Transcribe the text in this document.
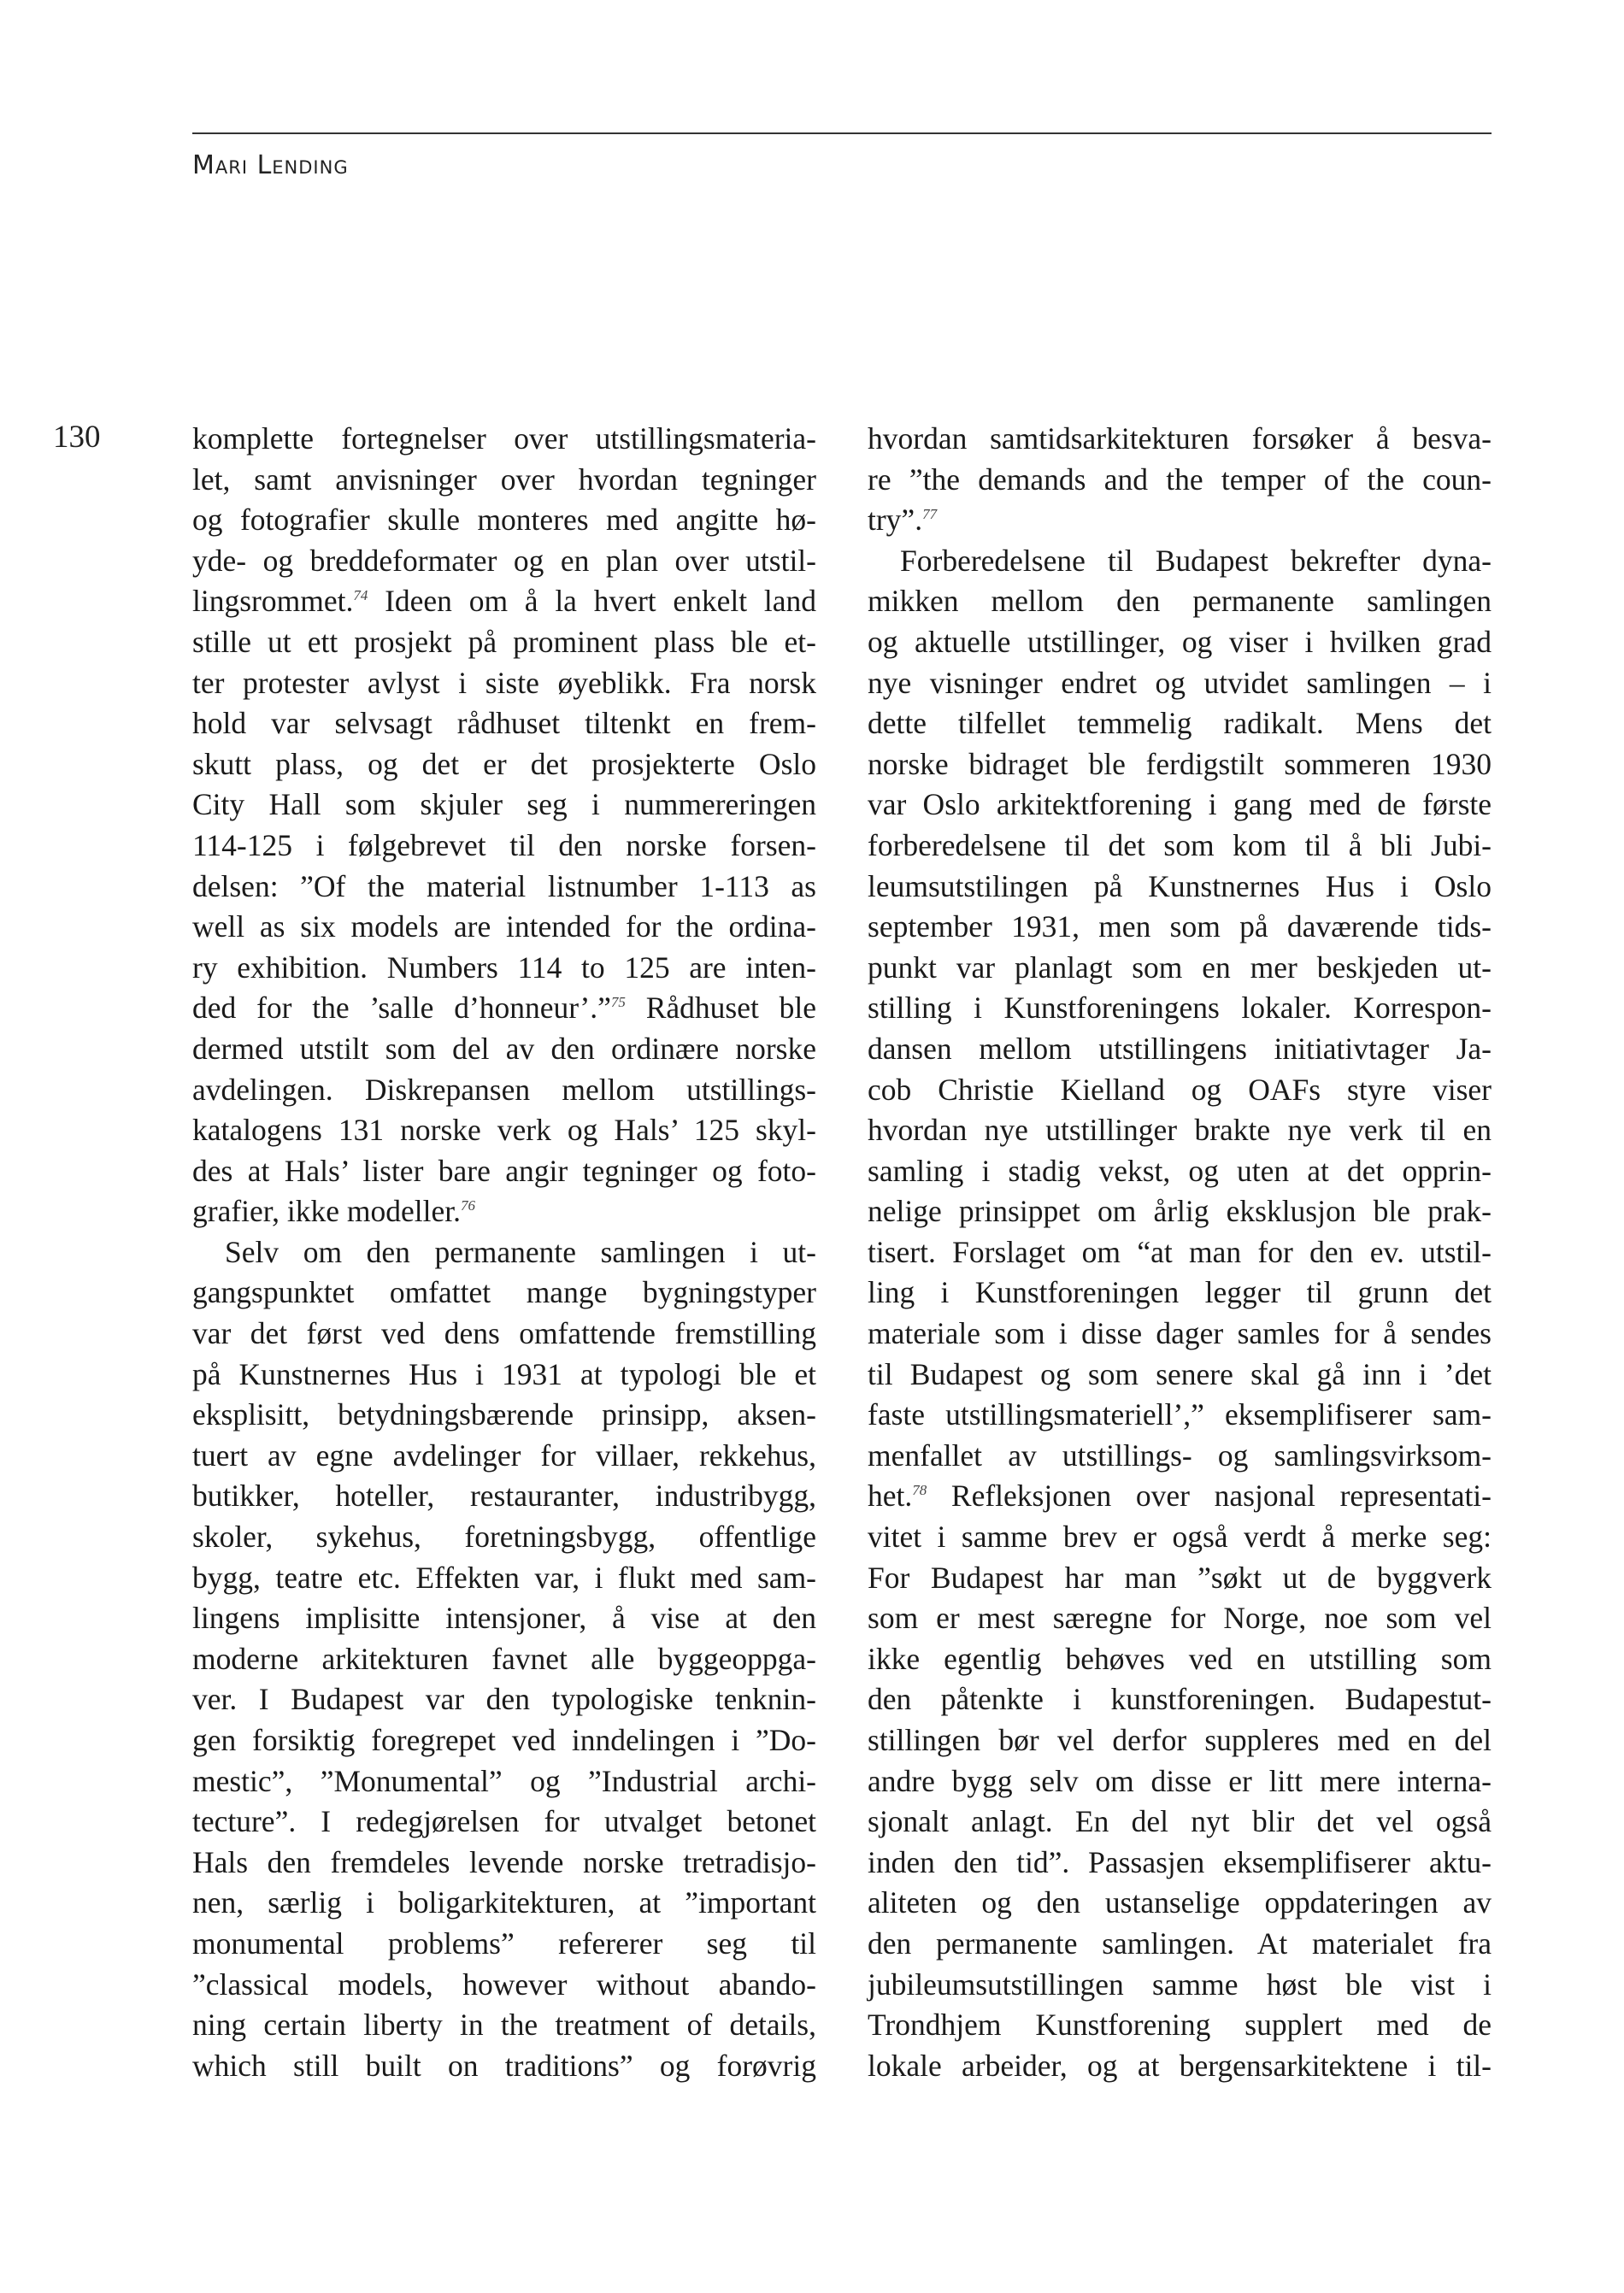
Mari Lending
130	komplette fortegnelser over utstillingsmateria-
let, samt anvisninger over hvordan tegninger
og fotografier skulle monteres med angitte hø-
yde- og breddeformater og en plan over utstil-
lingsrommet.$^{74}$ Ideen om å la hvert enkelt land
stille ut ett prosjekt på prominent plass ble et-
ter protester avlyst i siste øyeblikk. Fra norsk
hold var selvsagt rådhuset tiltenkt en frem-
skutt plass, og det er det prosjekterte Oslo
City Hall som skjuler seg i nummereringen
114-125 i følgebrevet til den norske forsen-
delsen: ”Of the material listnumber 1-113 as
well as six models are intended for the ordina-
ry exhibition. Numbers 114 to 125 are inten-
ded for the ’salle d’honneur’.”$^{75}$ Rådhuset ble
dermed utstilt som del av den ordinære norske
avdelingen. Diskrepansen mellom utstillings-
katalogens 131 norske verk og Hals’ 125 skyl-
des at Hals’ lister bare angir tegninger og foto-
grafier, ikke modeller.$^{76}$
Selv om den permanente samlingen i ut-
gangspunktet omfattet mange bygningstyper
var det først ved dens omfattende fremstilling
på Kunstnernes Hus i 1931 at typologi ble et
eksplisitt, betydningsbærende prinsipp, aksen-
tuert av egne avdelinger for villaer, rekkehus,
butikker, hoteller, restauranter, industribygg,
skoler, sykehus, foretningsbygg, offentlige
bygg, teatre etc. Effekten var, i flukt med sam-
lingens implisitte intensjoner, å vise at den
moderne arkitekturen favnet alle byggeoppga-
ver. I Budapest var den typologiske tenknin-
gen forsiktig foregrepet ved inndelingen i ”Do-
mestic”, ”Monumental” og ”Industrial archi-
tecture”. I redegjørelsen for utvalget betonet
Hals den fremdeles levende norske tretradisjo-
nen, særlig i boligarkitekturen, at ”important
monumental problems” refererer seg til
”classical models, however without abando-
ning certain liberty in the treatment of details,
which still built on traditions” og forøvrig
hvordan samtidsarkitekturen forsøker å besva-
re ”the demands and the temper of the coun-
try”.$^{77}$
Forberedelsene til Budapest bekrefter dyna-
mikken mellom den permanente samlingen
og aktuelle utstillinger, og viser i hvilken grad
nye visninger endret og utvidet samlingen – i
dette tilfellet temmelig radikalt. Mens det
norske bidraget ble ferdigstilt sommeren 1930
var Oslo arkitektforening i gang med de første
forberedelsene til det som kom til å bli Jubi-
leumsutstilingen på Kunstnernes Hus i Oslo
september 1931, men som på daværende tids-
punkt var planlagt som en mer beskjeden ut-
stilling i Kunstforeningens lokaler. Korrespon-
dansen mellom utstillingens initiativtager Ja-
cob Christie Kielland og OAFs styre viser
hvordan nye utstillinger brakte nye verk til en
samling i stadig vekst, og uten at det opprin-
nelige prinsippet om årlig eksklusjon ble prak-
tisert. Forslaget om “at man for den ev. utstil-
ling i Kunstforeningen legger til grunn det
materiale som i disse dager samles for å sendes
til Budapest og som senere skal gå inn i ’det
faste utstillingsmateriell’,” eksemplifiserer sam-
menfallet av utstillings- og samlingsvirksom-
het.$^{78}$ Refleksjonen over nasjonal representati-
vitet i samme brev er også verdt å merke seg:
For Budapest har man ”søkt ut de byggverk
som er mest særegne for Norge, noe som vel
ikke egentlig behøves ved en utstilling som
den påtenkte i kunstforeningen. Budapestut-
stillingen bør vel derfor suppleres med en del
andre bygg selv om disse er litt mere interna-
sjonalt anlagt. En del nyt blir det vel også
inden den tid”. Passasjen eksemplifiserer aktu-
aliteten og den ustanselige oppdateringen av
den permanente samlingen. At materialet fra
jubileumsutstillingen samme høst ble vist i
Trondhjem Kunstforening supplert med de
lokale arbeider, og at bergensarkitektene i til-
